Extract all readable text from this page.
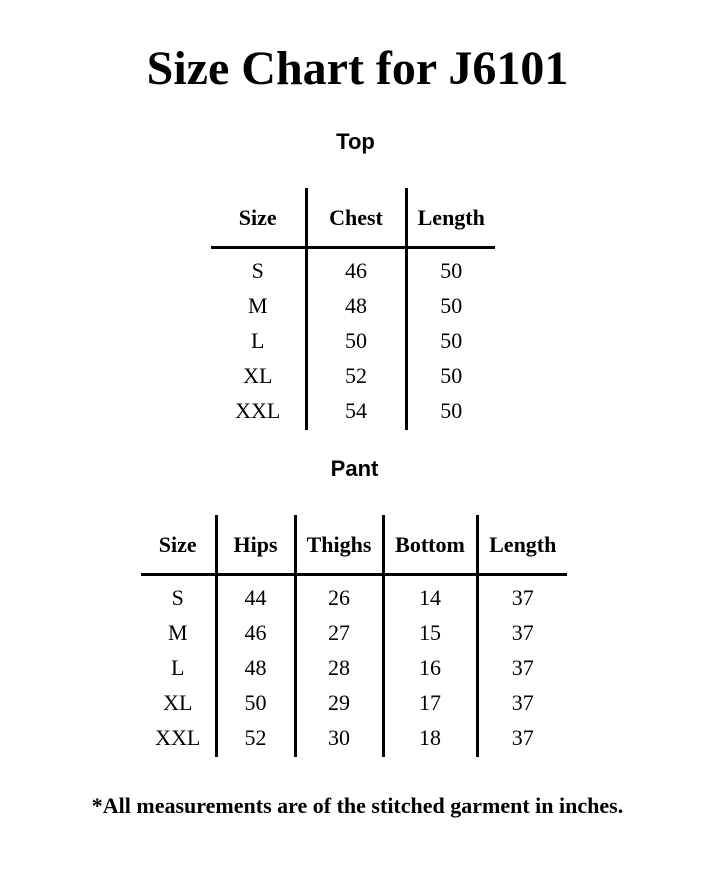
Size Chart for J6101
Top
Size	Chest	Length
S	46	50
M	48	50
L	50	50
XL	52	50
XXL	54	50
Pant
Size	Hips	Thighs	Bottom	Length
S	44	26	14	37
M	46	27	15	37
L	48	28	16	37
XL	50	29	17	37
XXL	52	30	18	37
*All measurements are of the stitched garment in inches.
